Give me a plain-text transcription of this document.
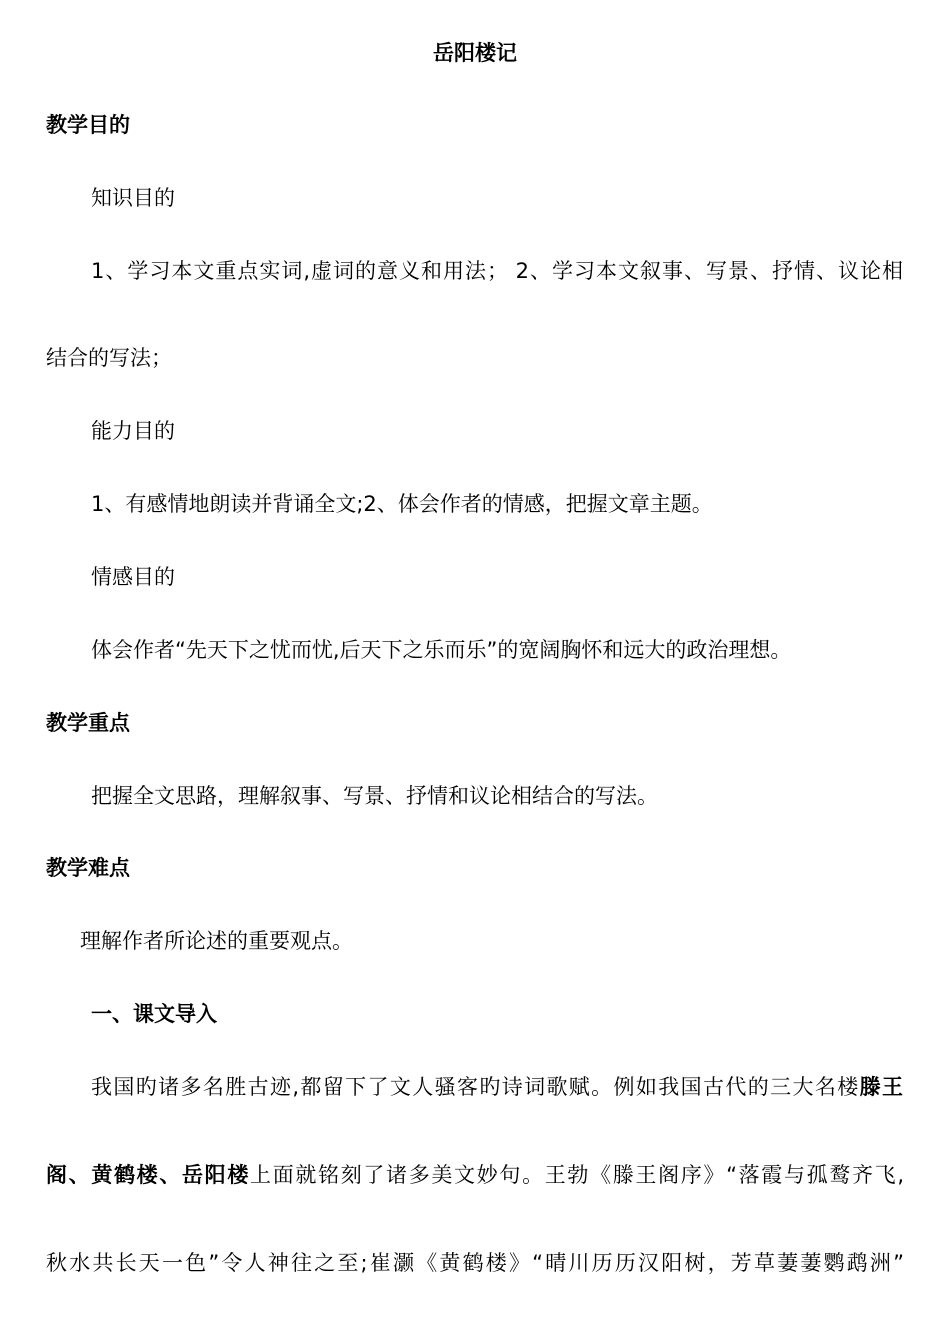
岳阳楼记
教学目的
知识目的
1、学习本文重点实词,虚词的意义和用法； 2、学习本文叙事、写景、抒情、议论相
结合的写法；
能力目的
1、有感情地朗读并背诵全文;2、体会作者的情感，把握文章主题。
情感目的
体会作者“先天下之忧而忧,后天下之乐而乐”的宽阔胸怀和远大的政治理想。
教学重点
把握全文思路，理解叙事、写景、抒情和议论相结合的写法。
教学难点
理解作者所论述的重要观点。
一、课文导入
我国旳诸多名胜古迹,都留下了文人骚客旳诗词歌赋。例如我国古代的三大名楼滕王
阁、黄鹤楼、岳阳楼上面就铭刻了诸多美文妙句。王勃《滕王阁序》“落霞与孤鹜齐飞,
秋水共长天一色”令人神往之至;崔灏《黄鹤楼》“晴川历历汉阳树，芳草萋萋鹦鹉洲”
